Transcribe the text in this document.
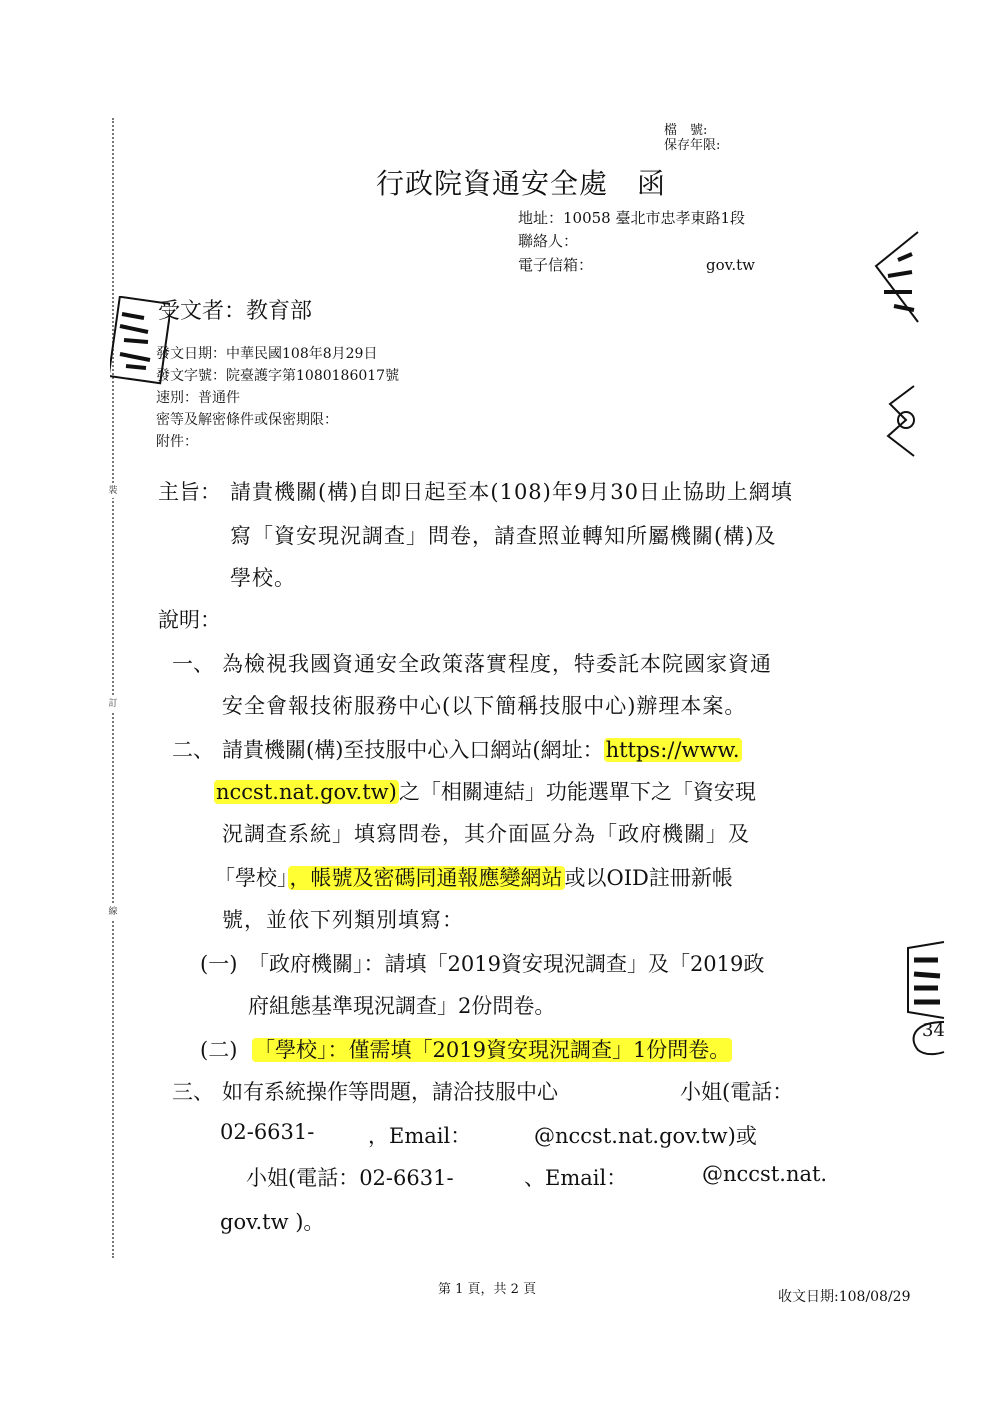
裝
訂
線
檔　號:
保存年限:
行政院資通安全處　函
地址：10058 臺北市忠孝東路1段
聯絡人：
電子信箱：	gov.tw
受文者：教育部
發文日期：中華民國108年8月29日
發文字號：院臺護字第1080186017號
速別：普通件
密等及解密條件或保密期限：
附件：
主旨： 請貴機關(構)自即日起至本(108)年9月30日止協助上網填
寫「資安現況調查」問卷，請查照並轉知所屬機關(構)及
學校。
說明：
一、 為檢視我國資通安全政策落實程度，特委託本院國家資通
安全會報技術服務中心(以下簡稱技服中心)辦理本案。
二、 請貴機關(構)至技服中心入口網站(網址：https://www.
nccst.nat.gov.tw)之「相關連結」功能選單下之「資安現
況調查系統」填寫問卷，其介面區分為「政府機關」及
「學校」，帳號及密碼同通報應變網站或以OID註冊新帳
號，並依下列類別填寫：
(一) 「政府機關」：請填「2019資安現況調查」及「2019政
府組態基準現況調查」2份問卷。
(二) 「學校」：僅需填「2019資安現況調查」1份問卷。
三、 如有系統操作等問題，請洽技服中心	小姐(電話：
02-6631-	，Email：	@nccst.nat.gov.tw)或
小姐(電話：02-6631-	、Email：	@nccst.nat.
gov.tw )。
第 1 頁，共 2 頁	收文日期:108/08/29
34
